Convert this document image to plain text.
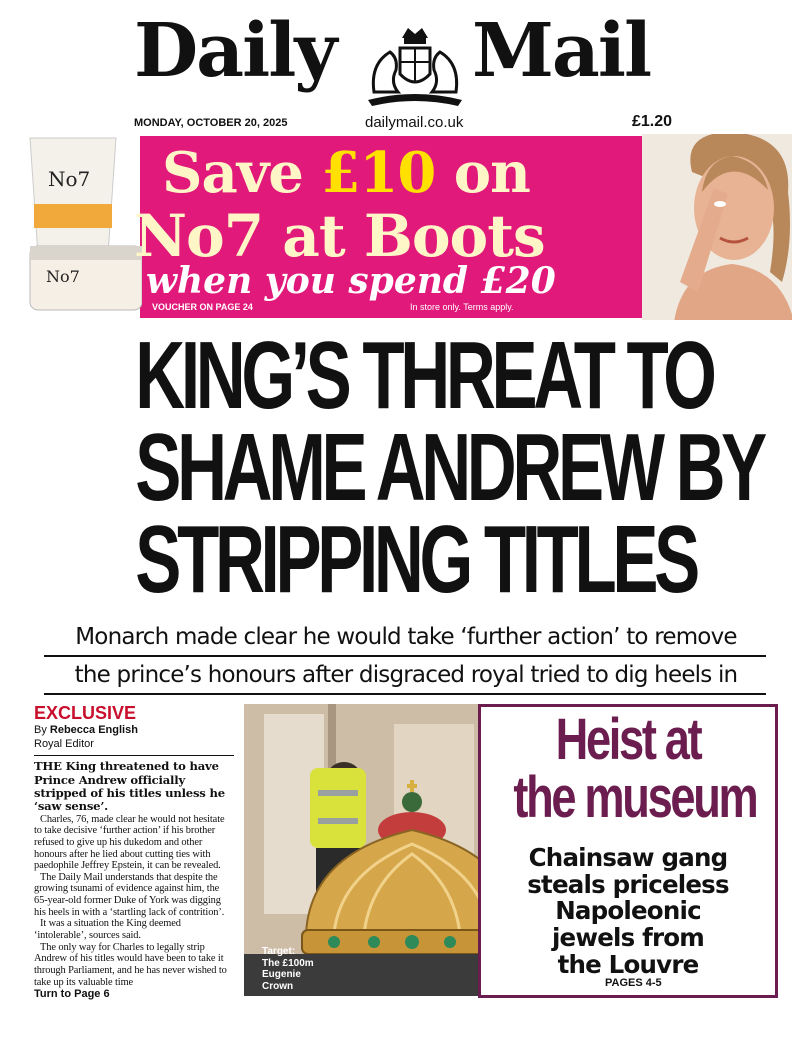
Daily Mail
MONDAY, OCTOBER 20, 2025	dailymail.co.uk	£1.20
No7
No7
Save £10 on
No7 at Boots
when you spend £20
VOUCHER ON PAGE 24	In store only. Terms apply.
KING’S THREAT TO
SHAME ANDREW BY
STRIPPING TITLES
Monarch made clear he would take ‘further action’ to remove
the prince’s honours after disgraced royal tried to dig heels in
EXCLUSIVE
By Rebecca English
Royal Editor
THE King threatened to have Prince Andrew officially stripped of his titles unless he ‘saw sense’.

Charles, 76, made clear he would not hesitate to take decisive ‘further action’ if his brother refused to give up his dukedom and other honours after he lied about cutting ties with paedophile Jeffrey Epstein, it can be revealed.

The Daily Mail understands that despite the growing tsunami of evidence against him, the 65-year-old former Duke of York was digging his heels in with a ‘startling lack of contrition’.

It was a situation the King deemed ‘intolerable’, sources said.

The only way for Charles to legally strip Andrew of his titles would have been to take it through Parliament, and he has never wished to take up its valuable time

Turn to Page 6
Target:
The £100m
Eugenie
Crown
Heist at
the museum
Chainsaw gang
steals priceless
Napoleonic
jewels from
the Louvre
PAGES 4-5
